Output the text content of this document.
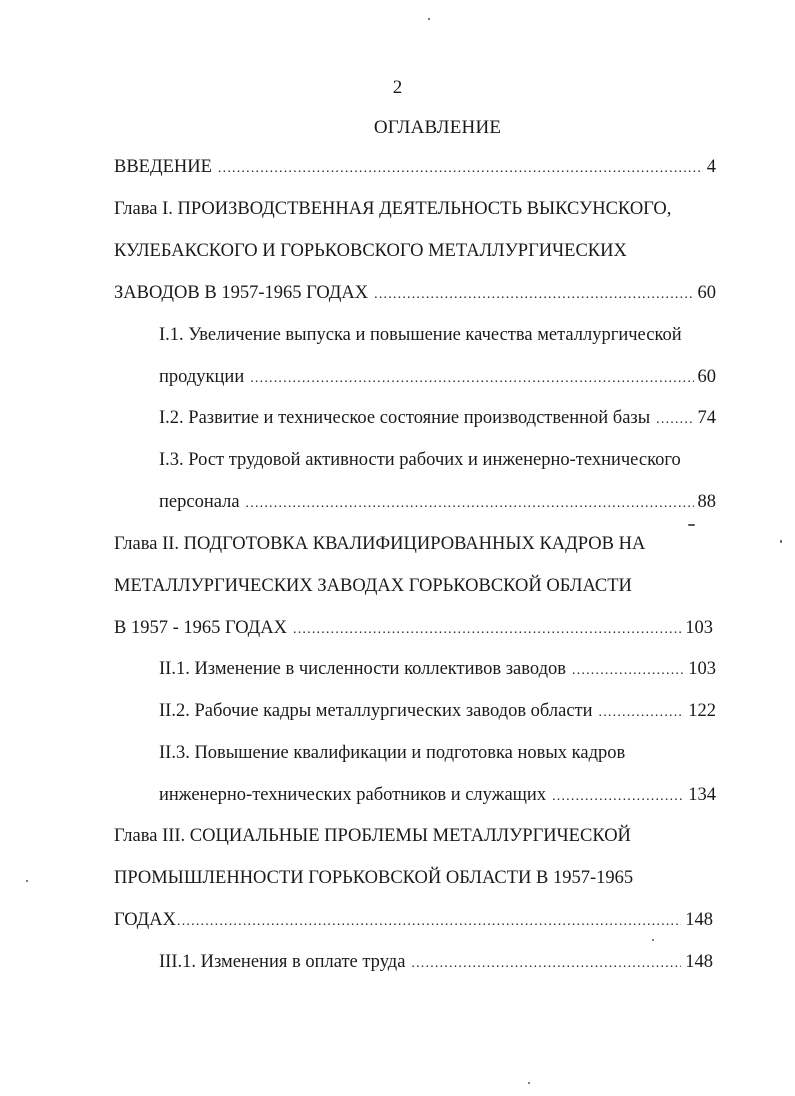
2
ОГЛАВЛЕНИЕ
ВВЕДЕНИЕ .....	4
Глава I. ПРОИЗВОДСТВЕННАЯ ДЕЯТЕЛЬНОСТЬ ВЫКСУНСКОГО,
КУЛЕБАКСКОГО И ГОРЬКОВСКОГО МЕТАЛЛУРГИЧЕСКИХ
ЗАВОДОВ В 1957-1965 ГОДАХ .....	60
I.1. Увеличение выпуска и повышение качества металлургической
продукции .....	60
I.2. Развитие и техническое состояние производственной базы .....	74
I.3. Рост трудовой активности рабочих и инженерно-технического
персонала .....	88
Глава II. ПОДГОТОВКА КВАЛИФИЦИРОВАННЫХ КАДРОВ НА
МЕТАЛЛУРГИЧЕСКИХ ЗАВОДАХ ГОРЬКОВСКОЙ ОБЛАСТИ
В 1957 - 1965 ГОДАХ .....	103
II.1. Изменение в численности коллективов заводов .....	103
II.2. Рабочие кадры металлургических заводов области .....	122
II.3. Повышение квалификации и подготовка новых кадров
инженерно-технических работников и служащих .....	134
Глава III. СОЦИАЛЬНЫЕ ПРОБЛЕМЫ МЕТАЛЛУРГИЧЕСКОЙ
ПРОМЫШЛЕННОСТИ ГОРЬКОВСКОЙ ОБЛАСТИ В 1957-1965
ГОДАХ .....	148
III.1. Изменения в оплате труда .....	148
